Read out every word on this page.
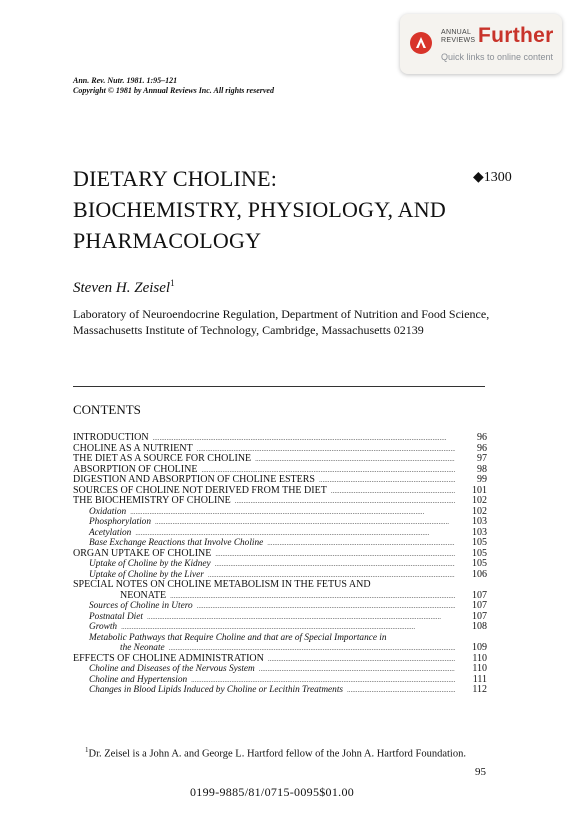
ANNUAL
REVIEWS Further
Quick links to online content
Ann. Rev. Nutr. 1981. 1:95–121
Copyright © 1981 by Annual Reviews Inc. All rights reserved
DIETARY CHOLINE:
BIOCHEMISTRY, PHYSIOLOGY, AND
PHARMACOLOGY
◆1300
Steven H. Zeisel$^1$
Laboratory of Neuroendocrine Regulation, Department of Nutrition and Food Science, Massachusetts Institute of Technology, Cambridge, Massachusetts 02139
CONTENTS
INTRODUCTION .....	96
CHOLINE AS A NUTRIENT .....	96
THE DIET AS A SOURCE FOR CHOLINE .....	97
ABSORPTION OF CHOLINE .....	98
DIGESTION AND ABSORPTION OF CHOLINE ESTERS .....	99
SOURCES OF CHOLINE NOT DERIVED FROM THE DIET .....	101
THE BIOCHEMISTRY OF CHOLINE .....	102
Oxidation .....	102
Phosphorylation .....	103
Acetylation .....	103
Base Exchange Reactions that Involve Choline .....	105
ORGAN UPTAKE OF CHOLINE .....	105
Uptake of Choline by the Kidney .....	105
Uptake of Choline by the Liver .....	106
SPECIAL NOTES ON CHOLINE METABOLISM IN THE FETUS AND
NEONATE .....	107
Sources of Choline in Utero .....	107
Postnatal Diet .....	107
Growth .....	108
Metabolic Pathways that Require Choline and that are of Special Importance in
the Neonate .....	109
EFFECTS OF CHOLINE ADMINISTRATION .....	110
Choline and Diseases of the Nervous System .....	110
Choline and Hypertension .....	111
Changes in Blood Lipids Induced by Choline or Lecithin Treatments .....	112
$^1$Dr. Zeisel is a John A. and George L. Hartford fellow of the John A. Hartford Foundation.
95
0199-9885/81/0715-0095$01.00
